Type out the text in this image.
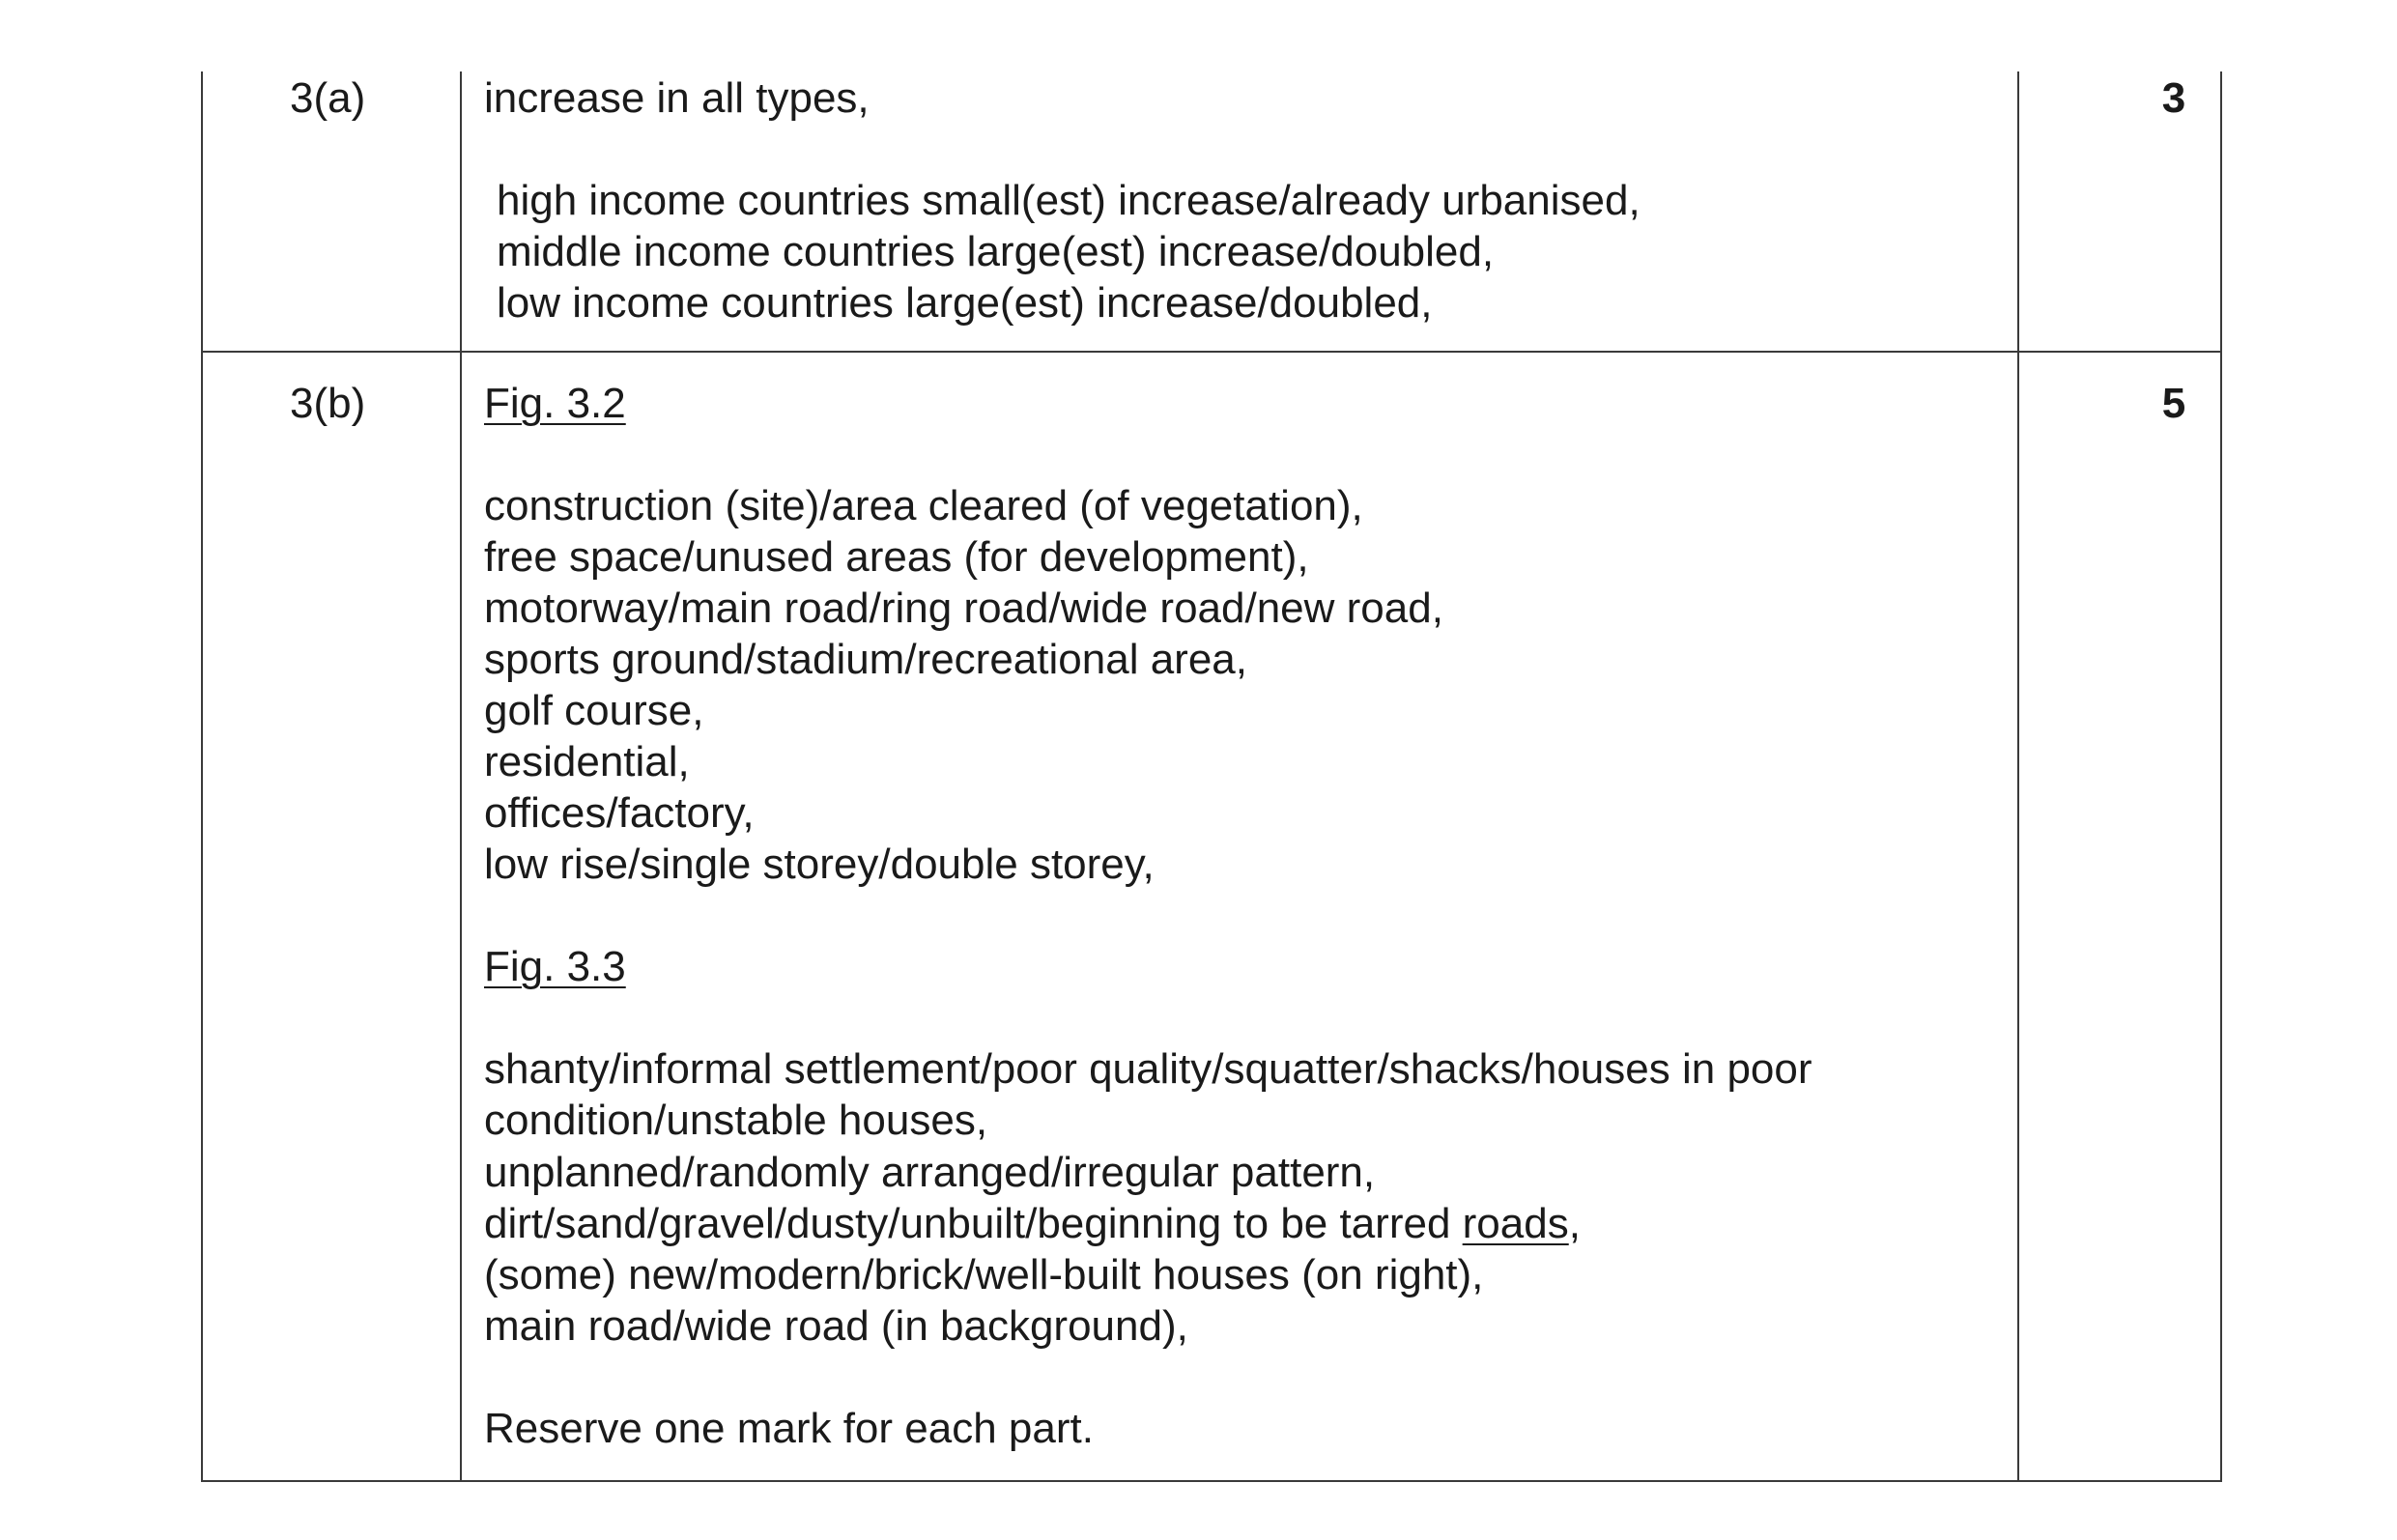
3(a)	3
increase in all types,
high income countries small(est) increase/already urbanised,
middle income countries large(est) increase/doubled,
low income countries large(est) increase/doubled,
3(b)	5
Fig. 3.2
construction (site)/area cleared (of vegetation),
free space/unused areas (for development),
motorway/main road/ring road/wide road/new road,
sports ground/stadium/recreational area,
golf course,
residential,
offices/factory,
low rise/single storey/double storey,
Fig. 3.3
shanty/informal settlement/poor quality/squatter/shacks/houses in poor
condition/unstable houses,
unplanned/randomly arranged/irregular pattern,
dirt/sand/gravel/dusty/unbuilt/beginning to be tarred roads,
(some) new/modern/brick/well-built houses (on right),
main road/wide road (in background),
Reserve one mark for each part.
